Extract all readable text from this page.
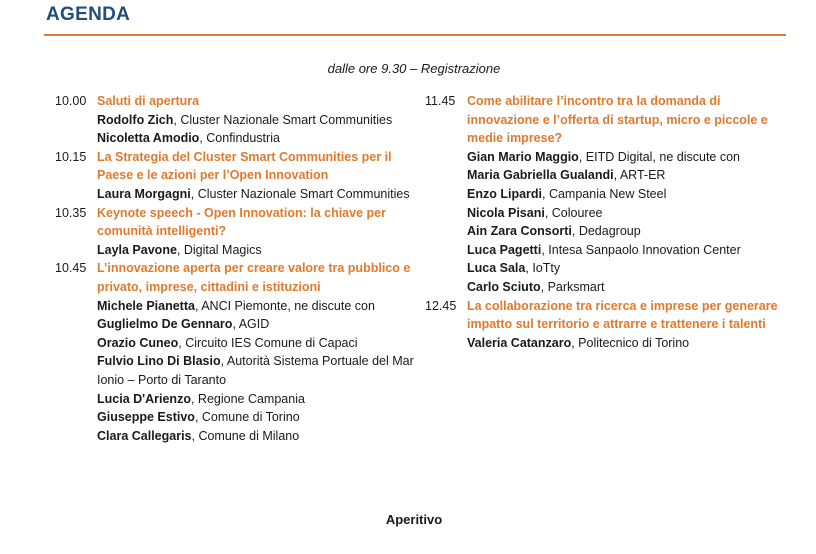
AGENDA
dalle ore 9.30 – Registrazione
10.00 Saluti di apertura
Rodolfo Zich, Cluster Nazionale Smart Communities
Nicoletta Amodio, Confindustria
10.15 La Strategia del Cluster Smart Communities per il Paese e le azioni per l’Open Innovation
Laura Morgagni, Cluster Nazionale Smart Communities
10.35 Keynote speech - Open Innovation: la chiave per comunità intelligenti?
Layla Pavone, Digital Magics
10.45 L’innovazione aperta per creare valore tra pubblico e privato, imprese, cittadini e istituzioni
Michele Pianetta, ANCI Piemonte, ne discute con
Guglielmo De Gennaro, AGID
Orazio Cuneo, Circuito IES Comune di Capaci
Fulvio Lino Di Blasio, Autorità Sistema Portuale del Mar Ionio – Porto di Taranto
Lucia D'Arienzo, Regione Campania
Giuseppe Estivo, Comune di Torino
Clara Callegaris, Comune di Milano
11.45 Come abilitare l’incontro tra la domanda di innovazione e l’offerta di startup, micro e piccole e medie imprese?
Gian Mario Maggio, EITD Digital, ne discute con
Maria Gabriella Gualandi, ART-ER
Enzo Lipardi, Campania New Steel
Nicola Pisani, Colouree
Ain Zara Consorti, Dedagroup
Luca Pagetti, Intesa Sanpaolo Innovation Center
Luca Sala, IoTty
Carlo Sciuto, Parksmart
12.45 La collaborazione tra ricerca e imprese per generare impatto sul territorio e attrarre e trattenere i talenti
Valeria Catanzaro, Politecnico di Torino
Aperitivo
